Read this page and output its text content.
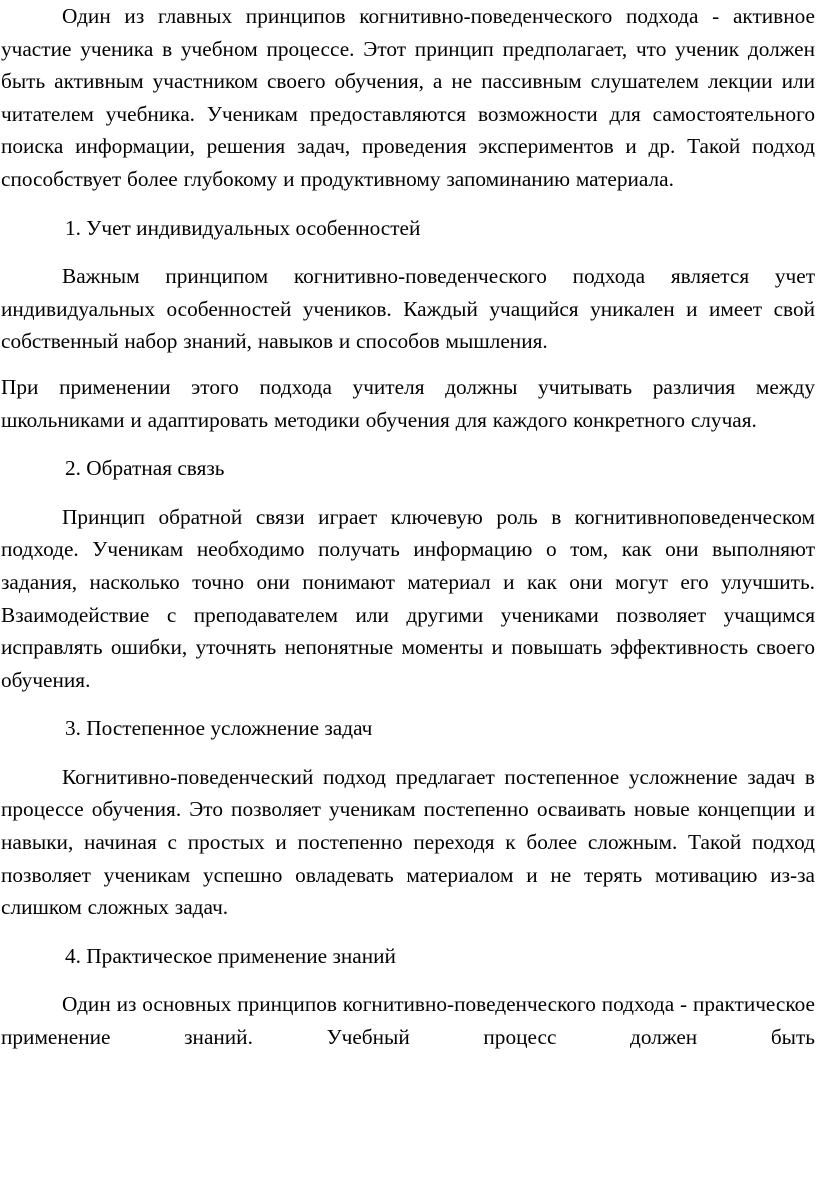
Один из главных принципов когнитивно-поведенческого подхода - активное участие ученика в учебном процессе. Этот принцип предполагает, что ученик должен быть активным участником своего обучения, а не пассивным слушателем лекции или читателем учебника. Ученикам предоставляются возможности для самостоятельного поиска информации, решения задач, проведения экспериментов и др. Такой подход способствует более глубокому и продуктивному запоминанию материала.

1. Учет индивидуальных особенностей

Важным принципом когнитивно-поведенческого подхода является учет индивидуальных особенностей учеников. Каждый учащийся уникален и имеет свой собственный набор знаний, навыков и способов мышления.

При применении этого подхода учителя должны учитывать различия между школьниками и адаптировать методики обучения для каждого конкретного случая.

2. Обратная связь

Принцип обратной связи играет ключевую роль в когнитивноповеденческом подходе. Ученикам необходимо получать информацию о том, как они выполняют задания, насколько точно они понимают материал и как они могут его улучшить. Взаимодействие с преподавателем или другими учениками позволяет учащимся исправлять ошибки, уточнять непонятные моменты и повышать эффективность своего обучения.

3. Постепенное усложнение задач

Когнитивно-поведенческий подход предлагает постепенное усложнение задач в процессе обучения. Это позволяет ученикам постепенно осваивать новые концепции и навыки, начиная с простых и постепенно переходя к более сложным. Такой подход позволяет ученикам успешно овладевать материалом и не терять мотивацию из-за слишком сложных задач.

4. Практическое применение знаний

Один из основных принципов когнитивно-поведенческого подхода - практическое применение знаний. Учебный процесс должен быть
